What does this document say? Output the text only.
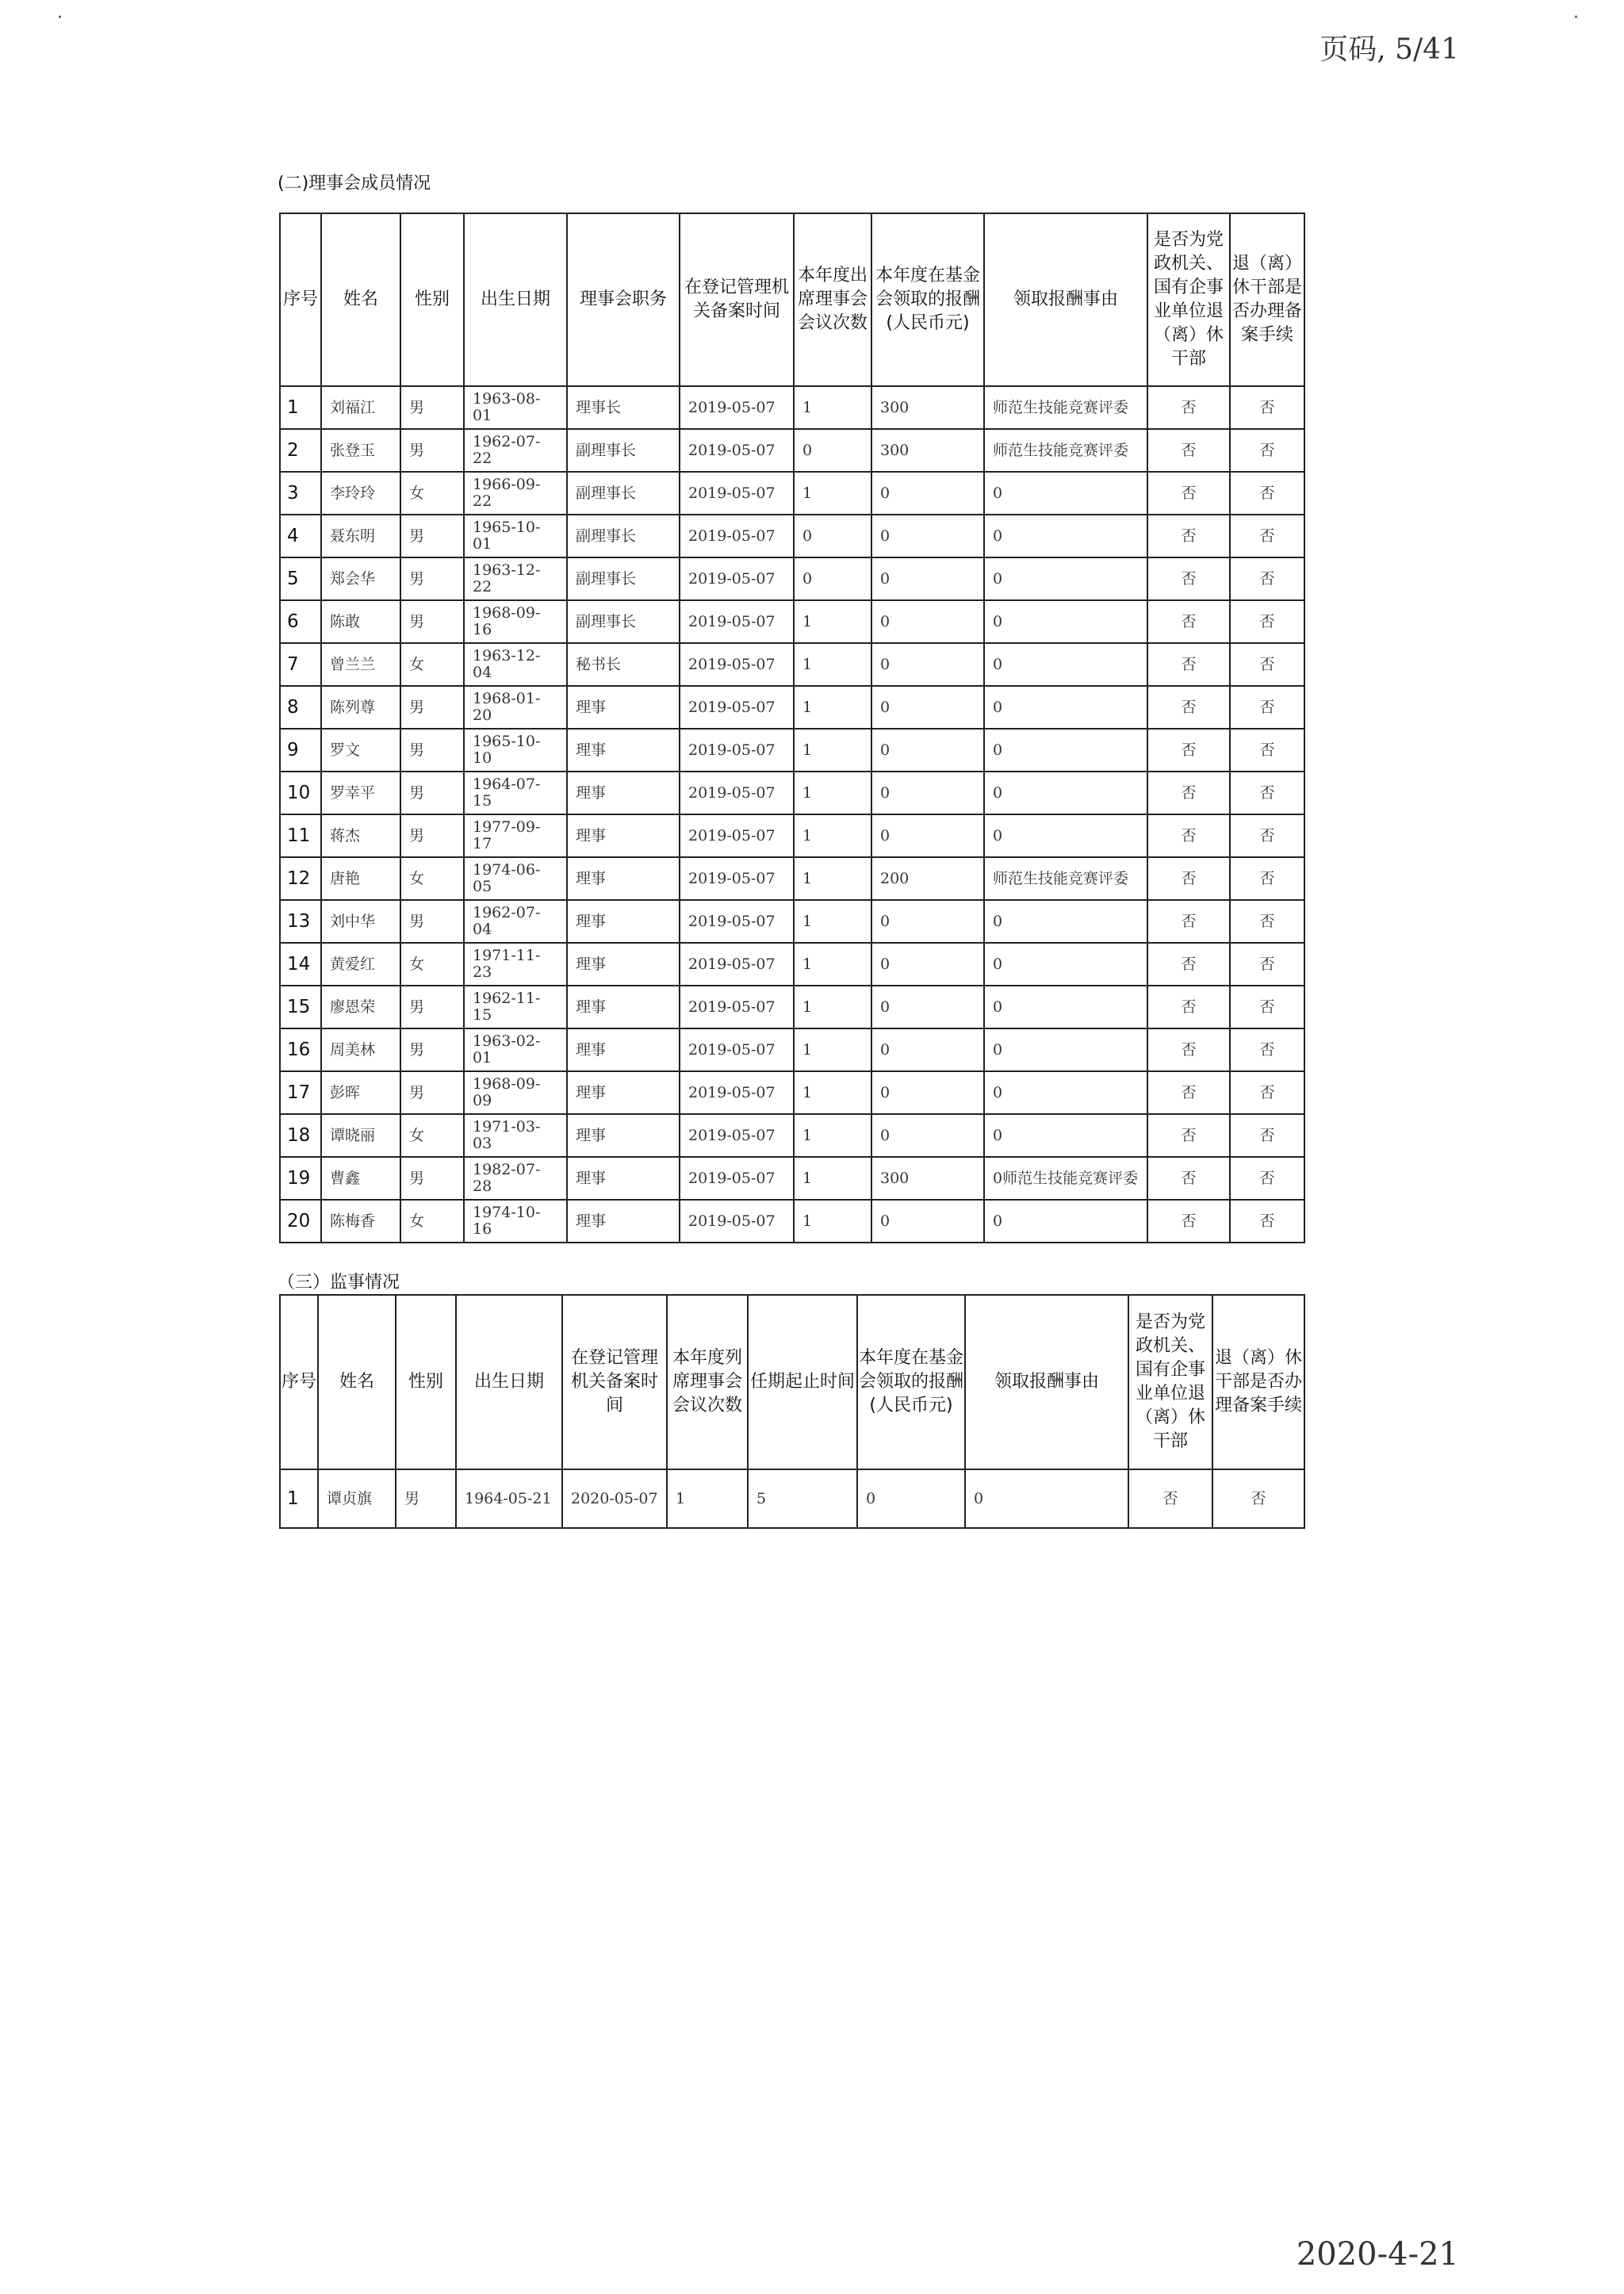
·	·
页码, 5/41
(二)理事会成员情况
序号	姓名	性别	出生日期	理事会职务	在登记管理机关备案时间	本年度出席理事会会议次数	本年度在基金会领取的报酬(人民币元)	领取报酬事由	是否为党政机关、国有企事业单位退（离）休干部	退（离）休干部是否办理备案手续
1	刘福江	男	1963-08-01	理事长	2019-05-07	1	300	师范生技能竞赛评委	否	否
2	张登玉	男	1962-07-22	副理事长	2019-05-07	0	300	师范生技能竞赛评委	否	否
3	李玲玲	女	1966-09-22	副理事长	2019-05-07	1	0	0	否	否
4	聂东明	男	1965-10-01	副理事长	2019-05-07	0	0	0	否	否
5	郑会华	男	1963-12-22	副理事长	2019-05-07	0	0	0	否	否
6	陈敢	男	1968-09-16	副理事长	2019-05-07	1	0	0	否	否
7	曾兰兰	女	1963-12-04	秘书长	2019-05-07	1	0	0	否	否
8	陈列尊	男	1968-01-20	理事	2019-05-07	1	0	0	否	否
9	罗文	男	1965-10-10	理事	2019-05-07	1	0	0	否	否
10	罗幸平	男	1964-07-15	理事	2019-05-07	1	0	0	否	否
11	蒋杰	男	1977-09-17	理事	2019-05-07	1	0	0	否	否
12	唐艳	女	1974-06-05	理事	2019-05-07	1	200	师范生技能竞赛评委	否	否
13	刘中华	男	1962-07-04	理事	2019-05-07	1	0	0	否	否
14	黄爱红	女	1971-11-23	理事	2019-05-07	1	0	0	否	否
15	廖恩荣	男	1962-11-15	理事	2019-05-07	1	0	0	否	否
16	周美林	男	1963-02-01	理事	2019-05-07	1	0	0	否	否
17	彭晖	男	1968-09-09	理事	2019-05-07	1	0	0	否	否
18	谭晓丽	女	1971-03-03	理事	2019-05-07	1	0	0	否	否
19	曹鑫	男	1982-07-28	理事	2019-05-07	1	300	0师范生技能竞赛评委	否	否
20	陈梅香	女	1974-10-16	理事	2019-05-07	1	0	0	否	否
（三）监事情况
序号	姓名	性别	出生日期	在登记管理机关备案时间	本年度列席理事会会议次数	任期起止时间	本年度在基金会领取的报酬(人民币元)	领取报酬事由	是否为党政机关、国有企事业单位退（离）休干部	退（离）休干部是否办理备案手续
1	谭贞旗	男	1964-05-21	2020-05-07	1	5	0	0	否	否
2020-4-21
